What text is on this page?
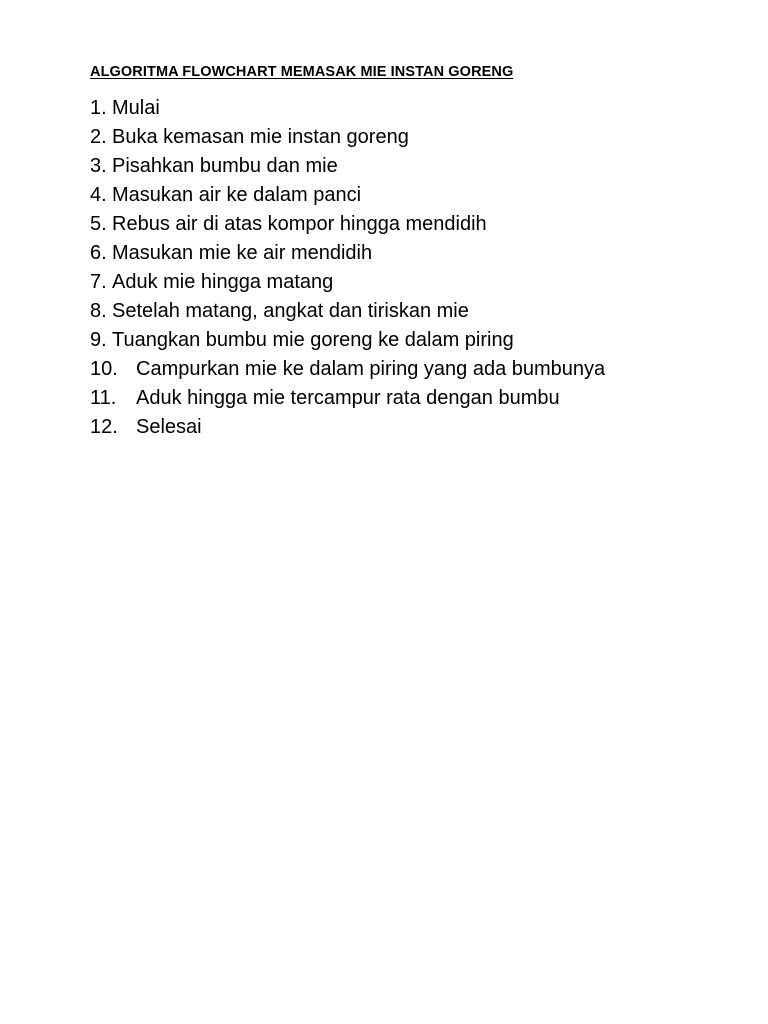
ALGORITMA FLOWCHART MEMASAK MIE INSTAN GORENG
1. Mulai
2. Buka kemasan mie instan goreng
3. Pisahkan bumbu dan mie
4. Masukan air ke dalam panci
5. Rebus air di atas kompor hingga mendidih
6. Masukan mie ke air mendidih
7. Aduk mie hingga matang
8. Setelah matang, angkat dan tiriskan mie
9. Tuangkan bumbu mie goreng ke dalam piring
10. Campurkan mie ke dalam piring yang ada bumbunya
11. Aduk hingga mie tercampur rata dengan bumbu
12. Selesai
